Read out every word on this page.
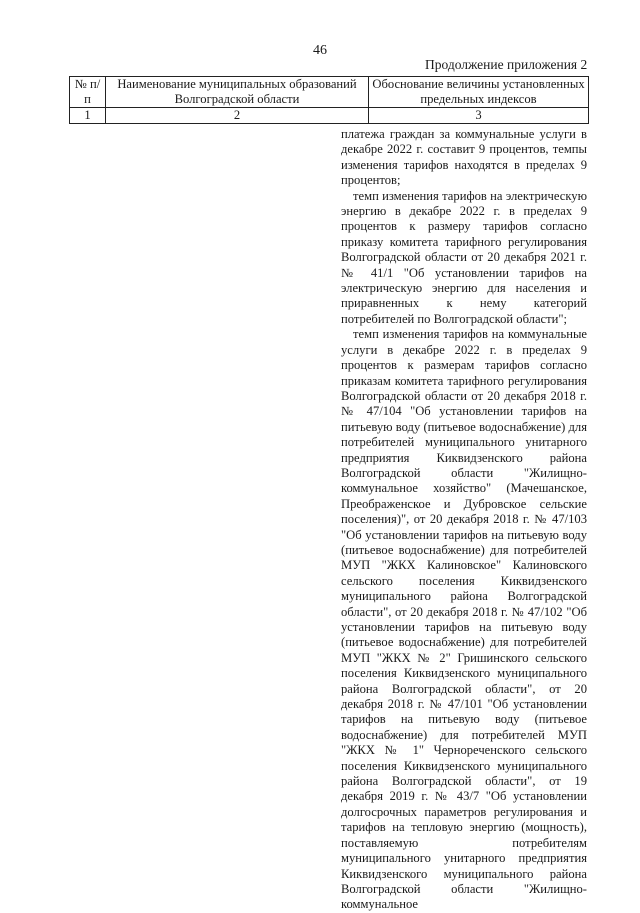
46
Продолжение приложения 2
№ п/п	Наименование муниципальных образований Волгоградской области	Обоснование величины установленных предельных индексов
1	2	3

платежа граждан за коммунальные услуги в декабре 2022 г. составит 9 процентов, темпы изменения тарифов находятся в пределах 9 процентов;

темп изменения тарифов на электрическую энергию в декабре 2022 г. в пределах 9 процентов к размеру тарифов согласно приказу комитета тарифного регулирования Волгоградской области от 20 декабря 2021 г. № 41/1 "Об установлении тарифов на электрическую энергию для населения и приравненных к нему категорий потребителей по Волгоградской области";

темп изменения тарифов на коммунальные услуги в декабре 2022 г. в пределах 9 процентов к размерам тарифов согласно приказам комитета тарифного регулирования Волгоградской области от 20 декабря 2018 г. № 47/104 "Об установлении тарифов на питьевую воду (питьевое водоснабжение) для потребителей муниципального унитарного предприятия Киквидзенского района Волгоградской области "Жилищно-коммунальное хозяйство" (Мачешанское, Преображенское и Дубровское сельские поселения)", от 20 декабря 2018 г. № 47/103 "Об установлении тарифов на питьевую воду (питьевое водоснабжение) для потребителей МУП "ЖКХ Калиновское" Калиновского сельского поселения Киквидзенского муниципального района Волгоградской области", от 20 декабря 2018 г. № 47/102 "Об установлении тарифов на питьевую воду (питьевое водоснабжение) для потребителей МУП "ЖКХ № 2" Гришинского сельского поселения Киквидзенского муниципального района Волгоградской области", от 20 декабря 2018 г. № 47/101 "Об установлении тарифов на питьевую воду (питьевое водоснабжение) для потребителей МУП "ЖКХ № 1" Чернореченского сельского поселения Киквидзенского муниципального района Волгоградской области", от 19 декабря 2019 г. № 43/7 "Об установлении долгосрочных параметров регулирования и тарифов на тепловую энергию (мощность), поставляемую потребителям муниципального унитарного предприятия Киквидзенского муниципального района Волгоградской области "Жилищно-коммунальное
